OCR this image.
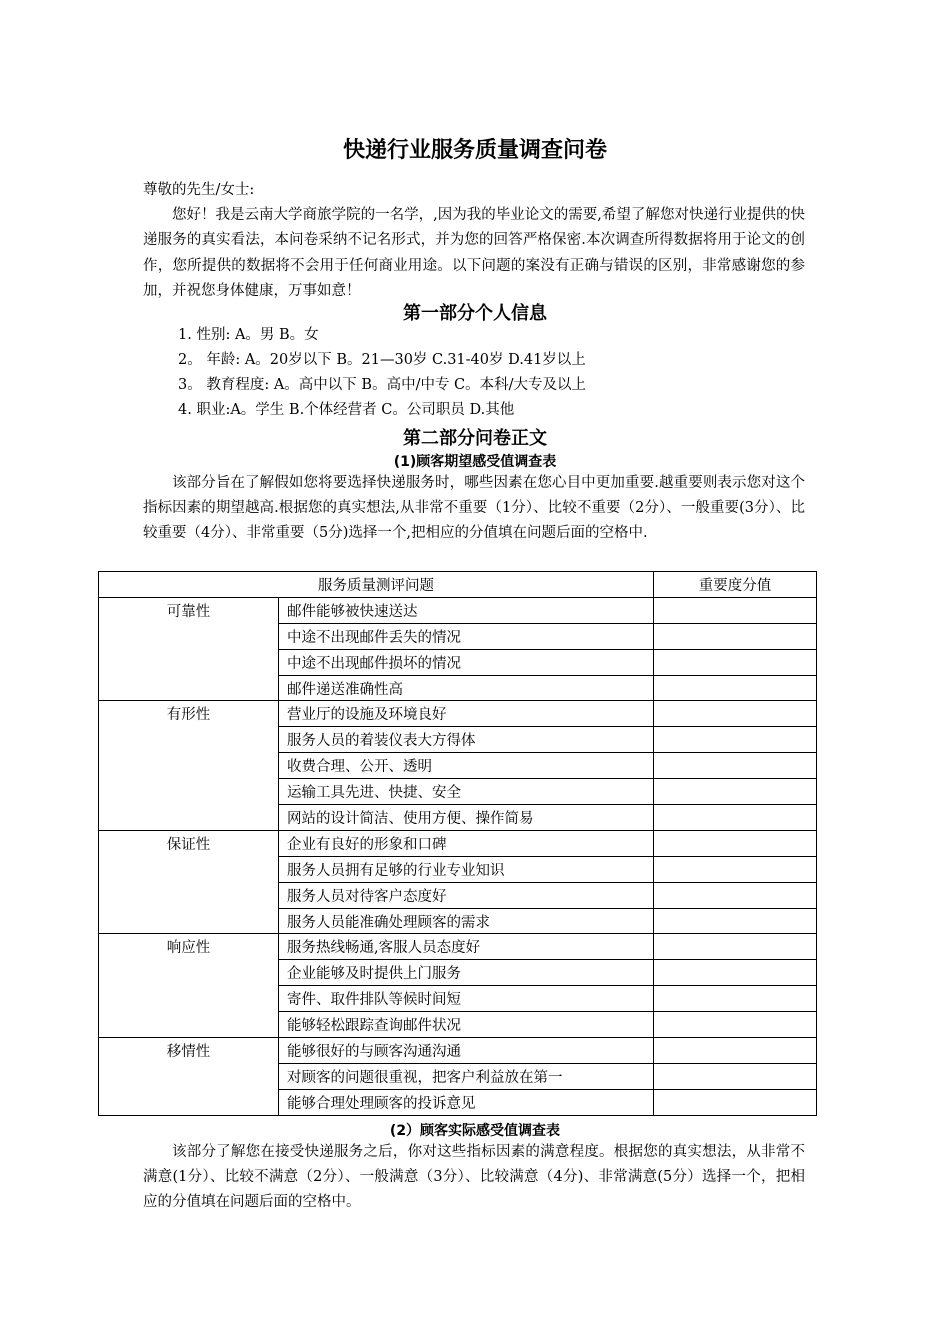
快递行业服务质量调查问卷

尊敬的先生/女士:

您好！我是云南大学商旅学院的一名学，,因为我的毕业论文的需要,希望了解您对快递行业提供的快递服务的真实看法，本问卷采纳不记名形式，并为您的回答严格保密.本次调查所得数据将用于论文的创作，您所提供的数据将不会用于任何商业用途。以下问题的案没有正确与错误的区别，非常感谢您的参加，并祝您身体健康，万事如意！

第一部分个人信息
1. 性别: A。男 B。女
2。 年龄: A。20岁以下 B。21—30岁 C.31-40岁 D.41岁以上
3。 教育程度: A。高中以下 B。高中/中专 C。本科/大专及以上
4. 职业:A。学生 B.个体经营者 C。公司职员 D.其他
第二部分问卷正文
(1)顾客期望感受值调查表

该部分旨在了解假如您将要选择快递服务时，哪些因素在您心目中更加重要.越重要则表示您对这个指标因素的期望越高.根据您的真实想法,从非常不重要（1分）、比较不重要（2分）、一般重要(3分）、比较重要（4分）、非常重要（5分)选择一个,把相应的分值填在问题后面的空格中.

服务质量测评问题		重要度分值
可靠性	邮件能够被快速送达	
	中途不出现邮件丢失的情况	
	中途不出现邮件损坏的情况	
	邮件递送准确性高	
有形性	营业厅的设施及环境良好	
	服务人员的着装仪表大方得体	
	收费合理、公开、透明	
	运输工具先进、快捷、安全	
	网站的设计简洁、使用方便、操作简易	
保证性	企业有良好的形象和口碑	
	服务人员拥有足够的行业专业知识	
	服务人员对待客户态度好	
	服务人员能准确处理顾客的需求	
响应性	服务热线畅通,客服人员态度好	
	企业能够及时提供上门服务	
	寄件、取件排队等候时间短	
	能够轻松跟踪查询邮件状况	
移情性	能够很好的与顾客沟通沟通	
	对顾客的问题很重视，把客户利益放在第一	
	能够合理处理顾客的投诉意见	
(2）顾客实际感受值调查表

该部分了解您在接受快递服务之后，你对这些指标因素的满意程度。根据您的真实想法，从非常不满意(1分）、比较不满意（2分）、一般满意（3分）、比较满意（4分)、非常满意(5分）选择一个，把相应的分值填在问题后面的空格中。
